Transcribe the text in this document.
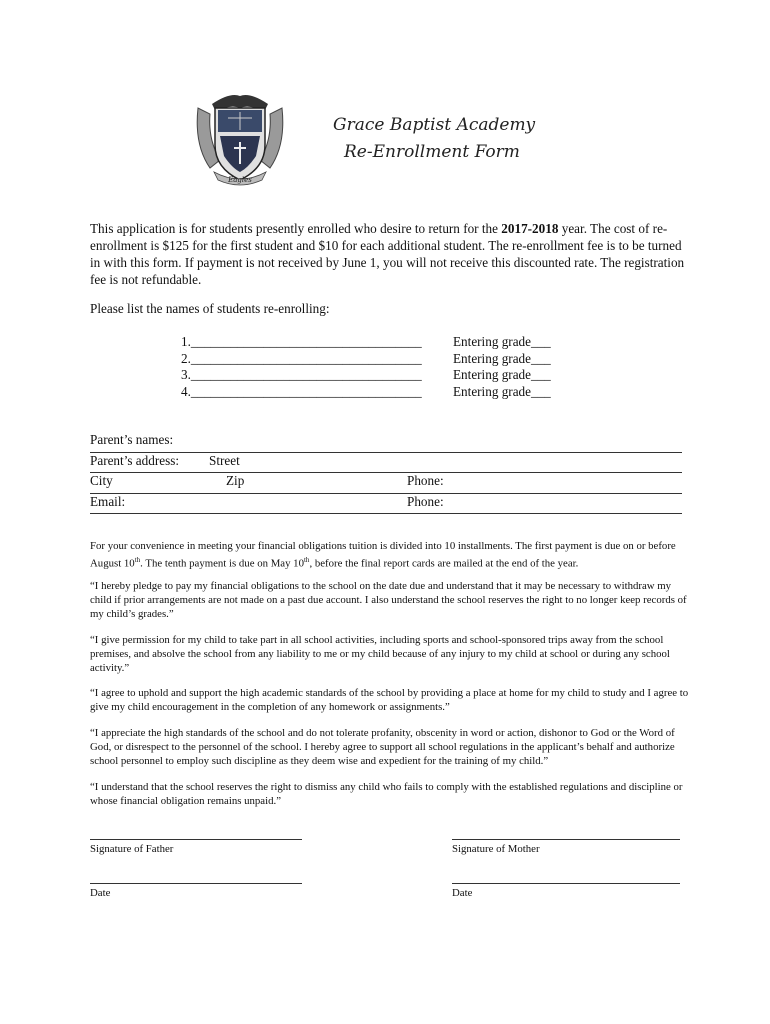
Eagles
Grace Baptist Academy
Re-Enrollment Form
This application is for students presently enrolled who desire to return for the 2017-2018 year. The cost of re-enrollment is $125 for the first student and $10 for each additional student. The re-enrollment fee is to be turned in with this form. If payment is not received by June 1, you will not receive this discounted rate. The registration fee is not refundable.
Please list the names of students re-enrolling:
1.___________________________________	Entering grade___
2.___________________________________	Entering grade___
3.___________________________________	Entering grade___
4.___________________________________	Entering grade___
Parent’s names:
Parent’s address: Street
City	Zip	Phone:
Email:	Phone:
For your convenience in meeting your financial obligations tuition is divided into 10 installments. The first payment is due on or before August 10th. The tenth payment is due on May 10th, before the final report cards are mailed at the end of the year.
“I hereby pledge to pay my financial obligations to the school on the date due and understand that it may be necessary to withdraw my child if prior arrangements are not made on a past due account. I also understand the school reserves the right to no longer keep records of my child’s grades.”
“I give permission for my child to take part in all school activities, including sports and school-sponsored trips away from the school premises, and absolve the school from any liability to me or my child because of any injury to my child at school or during any school activity.”
“I agree to uphold and support the high academic standards of the school by providing a place at home for my child to study and I agree to give my child encouragement in the completion of any homework or assignments.”
“I appreciate the high standards of the school and do not tolerate profanity, obscenity in word or action, dishonor to God or the Word of God, or disrespect to the personnel of the school. I hereby agree to support all school regulations in the applicant’s behalf and authorize school personnel to employ such discipline as they deem wise and expedient for the training of my child.”
“I understand that the school reserves the right to dismiss any child who fails to comply with the established regulations and discipline or whose financial obligation remains unpaid.”
Signature of Father	Signature of Mother
Date	Date
